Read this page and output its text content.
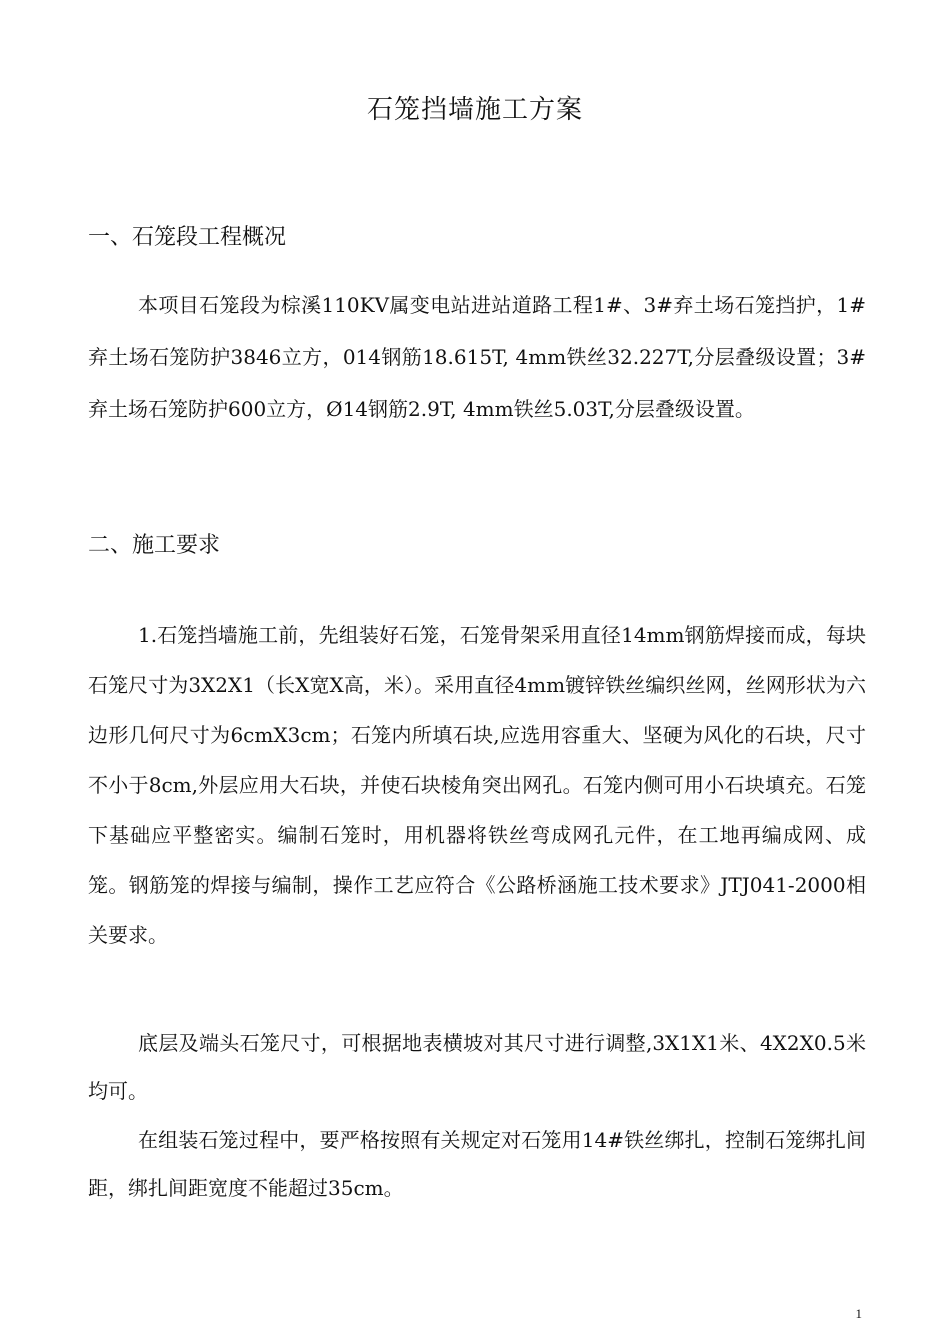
石笼挡墙施工方案
一、石笼段工程概况

本项目石笼段为棕溪110KV属变电站进站道路工程1#、3#弃土场石笼挡护，1#弃土场石笼防护3846立方，014钢筋18.615T, 4mm铁丝32.227T,分层叠级设置；3#弃土场石笼防护600立方，Ø14钢筋2.9T, 4mm铁丝5.03T,分层叠级设置。

二、施工要求

1.石笼挡墙施工前，先组装好石笼，石笼骨架采用直径14mm钢筋焊接而成，每块石笼尺寸为3X2X1（长X宽X高，米）。采用直径4mm镀锌铁丝编织丝网，丝网形状为六边形几何尺寸为6cmX3cm；石笼内所填石块,应选用容重大、坚硬为风化的石块，尺寸不小于8cm,外层应用大石块，并使石块棱角突出网孔。石笼内侧可用小石块填充。石笼下基础应平整密实。编制石笼时，用机器将铁丝弯成网孔元件，在工地再编成网、成笼。钢筋笼的焊接与编制，操作工艺应符合《公路桥涵施工技术要求》JTJ041-2000相关要求。

底层及端头石笼尺寸，可根据地表横坡对其尺寸进行调整,3X1X1米、4X2X0.5米均可。

在组装石笼过程中，要严格按照有关规定对石笼用14#铁丝绑扎，控制石笼绑扎间距，绑扎间距宽度不能超过35cm。

1
